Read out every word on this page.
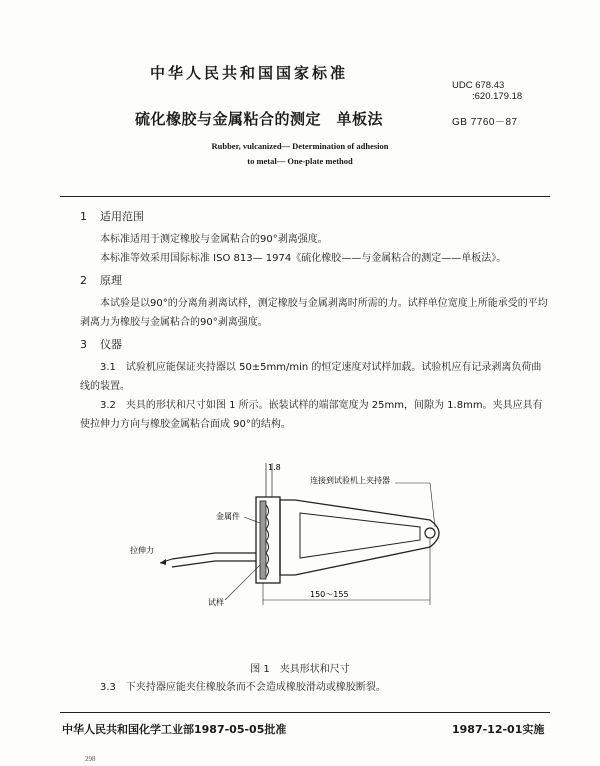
中华人民共和国国家标准
UDC 678.43
:620.179.18
硫化橡胶与金属粘合的测定　单板法	GB 7760－87
Rubber, vulcanized— Determination of adhesion
to metal— One-plate method
1 适用范围
本标准适用于测定橡胶与金属粘合的90°剥离强度。
本标准等效采用国际标准 ISO 813— 1974《硫化橡胶——与金属粘合的测定——单板法》。
2 原理
本试验是以90°的分离角剥离试样，测定橡胶与金属剥离时所需的力。试样单位宽度上所能承受的平均剥离力为橡胶与金属粘合的90°剥离强度。
3 仪器
3.1　试验机应能保证夹持器以 50±5mm/min 的恒定速度对试样加载。试验机应有记录剥离负荷曲线的装置。
3.2　夹具的形状和尺寸如图 1 所示。嵌装试样的端部宽度为 25mm，间隙为 1.8mm。夹具应具有使拉伸力方向与橡胶金属粘合面成 90°的结构。
1.8
连接到试验机上夹持器
金属件
拉伸力
试样
150～155
图 1　夹具形状和尺寸
3.3　下夹持器应能夹住橡胶条而不会造成橡胶滑动或橡胶断裂。
中华人民共和国化学工业部1987-05-05批准	1987-12-01实施
298
